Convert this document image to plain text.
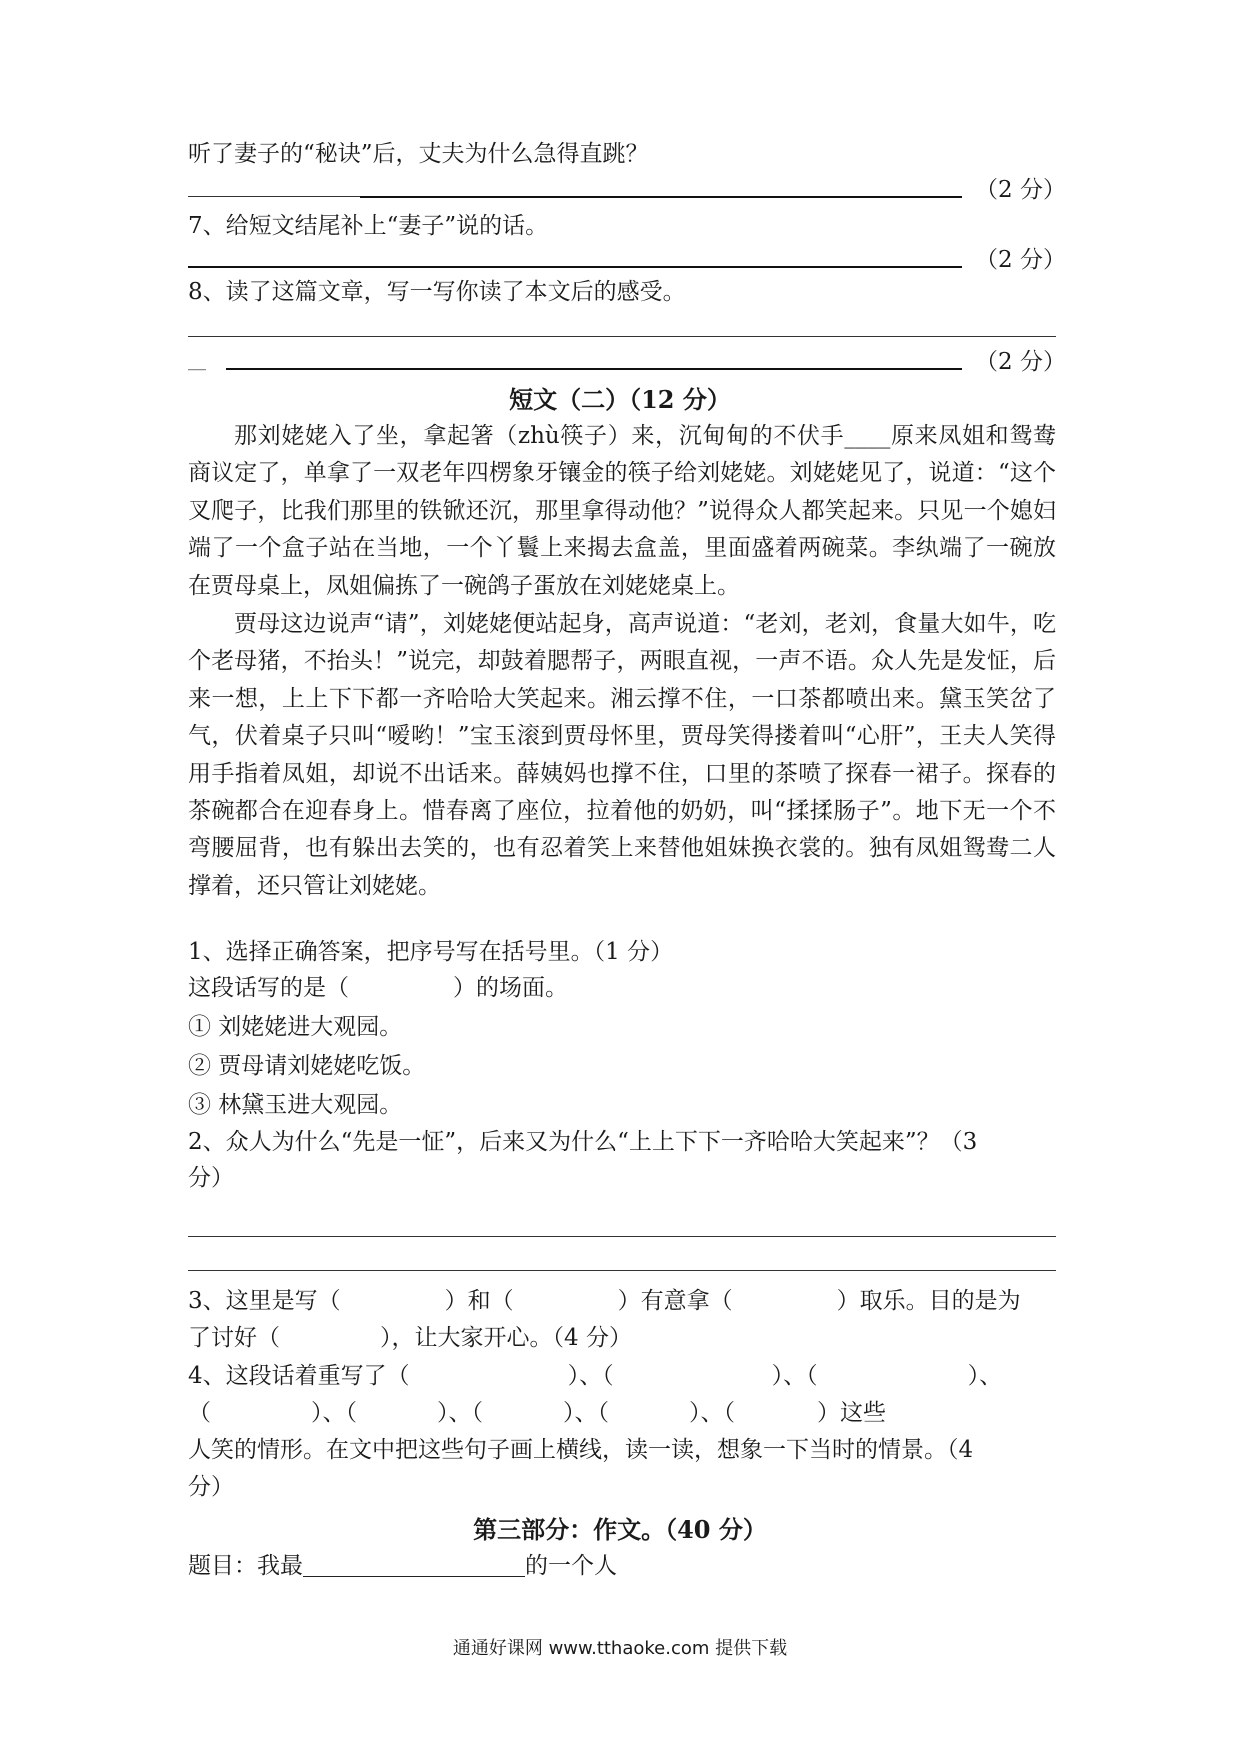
听了妻子的“秘诀”后，丈夫为什么急得直跳？
（2 分）
7、给短文结尾补上“妻子”说的话。
（2 分）
8、读了这篇文章，写一写你读了本文后的感受。
__	（2 分）
短文（二）（12 分）

那刘姥姥入了坐，拿起箸（zhù筷子）来，沉甸甸的不伏手____原来凤姐和鸳鸯商议定了，单拿了一双老年四楞象牙镶金的筷子给刘姥姥。刘姥姥见了，说道：“这个叉爬子，比我们那里的铁锨还沉，那里拿得动他？”说得众人都笑起来。只见一个媳妇端了一个盒子站在当地，一个丫鬟上来揭去盒盖，里面盛着两碗菜。李纨端了一碗放在贾母桌上，凤姐偏拣了一碗鸽子蛋放在刘姥姥桌上。

贾母这边说声“请”，刘姥姥便站起身，高声说道：“老刘，老刘，食量大如牛，吃个老母猪，不抬头！”说完，却鼓着腮帮子，两眼直视，一声不语。众人先是发怔，后来一想，上上下下都一齐哈哈大笑起来。湘云撑不住，一口茶都喷出来。黛玉笑岔了气，伏着桌子只叫“嗳哟！”宝玉滚到贾母怀里，贾母笑得搂着叫“心肝”，王夫人笑得用手指着凤姐，却说不出话来。薛姨妈也撑不住，口里的茶喷了探春一裙子。探春的茶碗都合在迎春身上。惜春离了座位，拉着他的奶奶，叫“揉揉肠子”。地下无一个不弯腰屈背，也有躲出去笑的，也有忍着笑上来替他姐妹换衣裳的。独有凤姐鸳鸯二人撑着，还只管让刘姥姥。

1、选择正确答案，把序号写在括号里。（1 分）
这段话写的是（	）的场面。
① 刘姥姥进大观园。
② 贾母请刘姥姥吃饭。
③ 林黛玉进大观园。
2、众人为什么“先是一怔”，后来又为什么“上上下下一齐哈哈大笑起来”？（3
分）
3、这里是写（	）和（	）有意拿（	）取乐。目的是为
了讨好（	），让大家开心。（4 分）
4、这段话着重写了（	）、（	）、（	）、
（	）、（	）、（	）、（	）、（	）这些
人笑的情形。在文中把这些句子画上横线，读一读，想象一下当时的情景。（4
分）
第三部分：作文。（40 分）
题目：我最	的一个人
通通好课网 www.tthaoke.com 提供下载
